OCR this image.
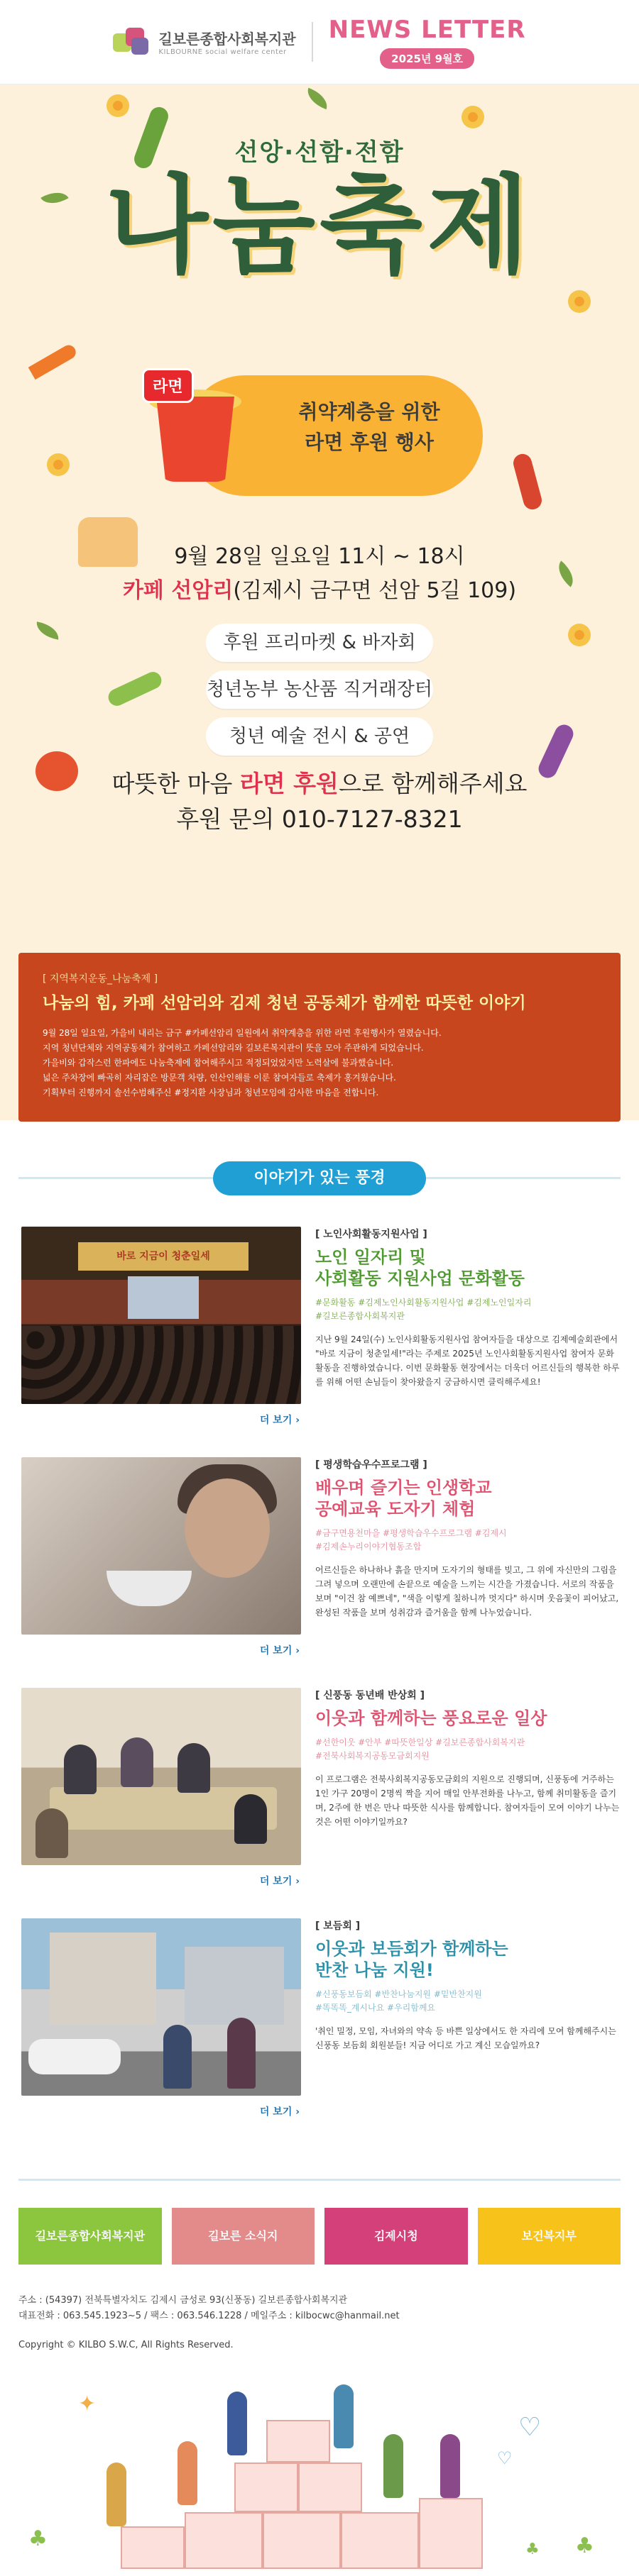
길보른종합사회복지관
KILBOURNE social welfare center
NEWS LETTER
2025년 9월호
선앙·선함·전함
나눔축제
라면
취약계층을 위한
라면 후원 행사
9월 28일 일요일 11시 ~ 18시
카페 선암리(김제시 금구면 선암 5길 109)
후원 프리마켓 & 바자회
청년농부 농산품 직거래장터
청년 예술 전시 & 공연
따뜻한 마음 라면 후원으로 함께해주세요
후원 문의 010-7127-8321
[ 지역복지운동_나눔축제 ]
나눔의 힘, 카페 선암리와 김제 청년 공동체가 함께한 따뜻한 이야기
9월 28일 일요일, 가을비 내리는 금구 #카페선암리 일원에서 취약계층을 위한 라면 후원행사가 열렸습니다.
지역 청년단체와 지역공동체가 참여하고 카페선암리와 길보른복지관이 뜻을 모아 주관하게 되었습니다.
가을비와 갑작스런 한파에도 나눔축제에 참여해주시고 적정되었었지만 노력살에 불과했습니다.
넓은 주차장에 빠곡히 자리잡은 방문객 차량, 인산인해를 이룬 참여자들로 축제가 홍겨웠습니다.
기획부터 진행까지 솔선수범해주신 #정지환 사장님과 청년모임에 감사한 마음을 전합니다.
이야기가 있는 풍경
바로 지금이 청춘일세
더 보기 ›
[ 노인사회활동지원사업 ]
노인 일자리 및
사회활동 지원사업 문화활동
#문화활동 #김제노인사회활동지원사업 #김제노인일자리
#길보른종합사회복지관
지난 9월 24일(수) 노인사회활동지원사업 참여자들을 대상으로 김제예술회관에서 "바로 지금이 청춘일세!"라는 주제로 2025년 노인사회활동지원사업 참여자 문화활동을 진행하였습니다. 이번 문화활동 현장에서는 더욱더 어르신들의 행복한 하루를 위해 어떤 손님들이 찾아왔을지 궁금하시면 클릭해주세요!
더 보기 ›
[ 평생학습우수프로그램 ]
배우며 즐기는 인생학교
공예교육 도자기 체험
#금구면용천마을 #평생학습우수프로그램 #김제시
#김제손누리이야기협동조합
어르신들은 하나하나 흙을 만지며 도자기의 형태를 빚고, 그 위에 자신만의 그림을 그려 넣으며 오랜만에 손끝으로 예술을 느끼는 시간을 가졌습니다. 서로의 작품을 보며 "이건 참 예쁘네", "색을 이렇게 칠하니까 멋지다" 하시며 웃음꽃이 피어났고, 완성된 작품을 보며 성취감과 즐거움을 함께 나누었습니다.
더 보기 ›
[ 신풍동 동년배 반상회 ]
이웃과 함께하는 풍요로운 일상
#선한이웃 #안부 #따뜻한일상 #길보른종합사회복지관
#전북사회복지공동모금회지원
이 프로그램은 전북사회복지공동모금회의 지원으로 진행되며, 신풍동에 거주하는 1인 가구 20명이 2명씩 짝을 지어 매일 안부전화를 나누고, 함께 취미활동을 즐기며, 2주에 한 번은 만나 따뜻한 식사를 함께합니다. 참여자들이 모여 이야기 나누는 것은 어떤 이야기일까요?
더 보기 ›
[ 보듬회 ]
이웃과 보듬회가 함께하는
반찬 나눔 지원!
#신풍동보듬회 #반찬나눔지원 #밑반찬지원
#똑똑똑_계시나요 #우리함께요
'취인 밀정, 모임, 자녀와의 약속 등 바쁜 일상에서도 한 자리에 모여 함께해주시는 신풍동 보듬회 회원분들! 지금 어디로 가고 계신 모습일까요?
길보른종합사회복지관	길보른 소식지	김제시청	보건복지부
주소 : (54397) 전북특별자치도 김제시 금성로 93(신풍동) 길보른종합사회복지관
대표전화 : 063.545.1923~5 / 팩스 : 063.546.1228 / 메일주소 : kilbocwc@hanmail.net
Copyright © KILBO S.W.C, All Rights Reserved.
♡
♡
✦
♣	♣
♣
